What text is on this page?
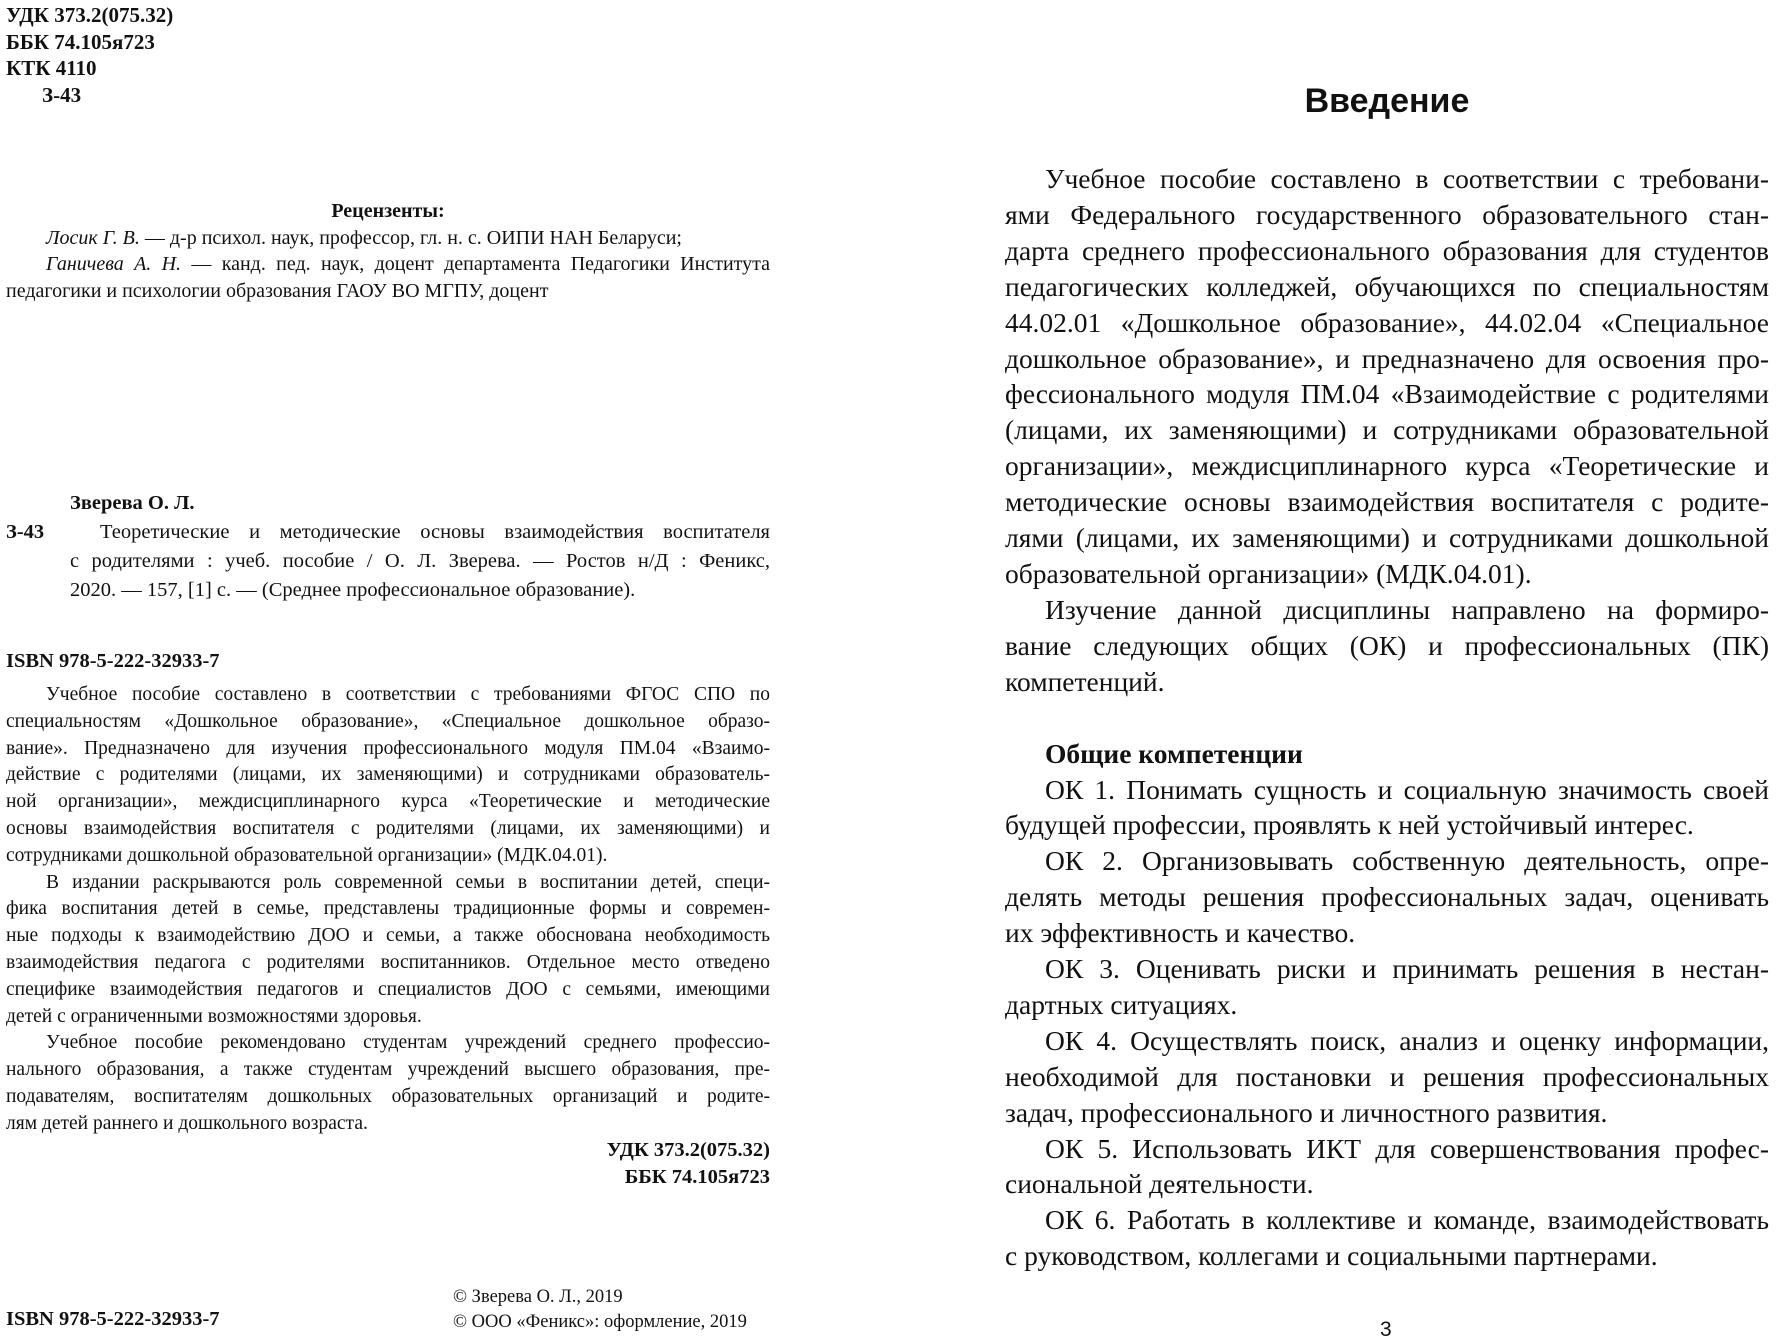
УДК 373.2(075.32)
ББК 74.105я723
КТК 4110
З-43
Рецензенты:
Лосик Г. В. — д-р психол. наук, профессор, гл. н. с. ОИПИ НАН Беларуси;
Ганичева А. Н. — канд. пед. наук, доцент департамента Педагогики Института
педагогики и психологии образования ГАОУ ВО МГПУ, доцент
Зверева О. Л.
З-43	Теоретические и методические основы взаимодействия воспитателя
с родителями : учеб. пособие / О. Л. Зверева. — Ростов н/Д : Феникс,
2020. — 157, [1] с. — (Среднее профессиональное образование).
ISBN 978-5-222-32933-7
Учебное пособие составлено в соответствии с требованиями ФГОС СПО по
специальностям «Дошкольное образование», «Специальное дошкольное образо-
вание». Предназначено для изучения профессионального модуля ПМ.04 «Взаимо-
действие с родителями (лицами, их заменяющими) и сотрудниками образователь-
ной организации», междисциплинарного курса «Теоретические и методические
основы взаимодействия воспитателя с родителями (лицами, их заменяющими) и
сотрудниками дошкольной образовательной организации» (МДК.04.01).
В издании раскрываются роль современной семьи в воспитании детей, специ-
фика воспитания детей в семье, представлены традиционные формы и современ-
ные подходы к взаимодействию ДОО и семьи, а также обоснована необходимость
взаимодействия педагога с родителями воспитанников. Отдельное место отведено
специфике взаимодействия педагогов и специалистов ДОО с семьями, имеющими
детей с ограниченными возможностями здоровья.
Учебное пособие рекомендовано студентам учреждений среднего профессио-
нального образования, а также студентам учреждений высшего образования, пре-
подавателям, воспитателям дошкольных образовательных организаций и родите-
лям детей раннего и дошкольного возраста.
УДК 373.2(075.32)
ББК 74.105я723
© Зверева О. Л., 2019
© ООО «Феникс»: оформление, 2019
ISBN 978-5-222-32933-7
Введение
Учебное пособие составлено в соответствии с требовани-
ями Федерального государственного образовательного стан-
дарта среднего профессионального образования для студентов
педагогических колледжей, обучающихся по специальностям
44.02.01 «Дошкольное образование», 44.02.04 «Специальное
дошкольное образование», и предназначено для освоения про-
фессионального модуля ПМ.04 «Взаимодействие с родителями
(лицами, их заменяющими) и сотрудниками образовательной
организации», междисциплинарного курса «Теоретические и
методические основы взаимодействия воспитателя с родите-
лями (лицами, их заменяющими) и сотрудниками дошкольной
образовательной организации» (МДК.04.01).
Изучение данной дисциплины направлено на формиро-
вание следующих общих (ОК) и профессиональных (ПК)
компетенций.
Общие компетенции
ОК 1. Понимать сущность и социальную значимость своей
будущей профессии, проявлять к ней устойчивый интерес.
ОК 2. Организовывать собственную деятельность, опре-
делять методы решения профессиональных задач, оценивать
их эффективность и качество.
ОК 3. Оценивать риски и принимать решения в нестан-
дартных ситуациях.
ОК 4. Осуществлять поиск, анализ и оценку информации,
необходимой для постановки и решения профессиональных
задач, профессионального и личностного развития.
ОК 5. Использовать ИКТ для совершенствования профес-
сиональной деятельности.
ОК 6. Работать в коллективе и команде, взаимодействовать
с руководством, коллегами и социальными партнерами.
3
